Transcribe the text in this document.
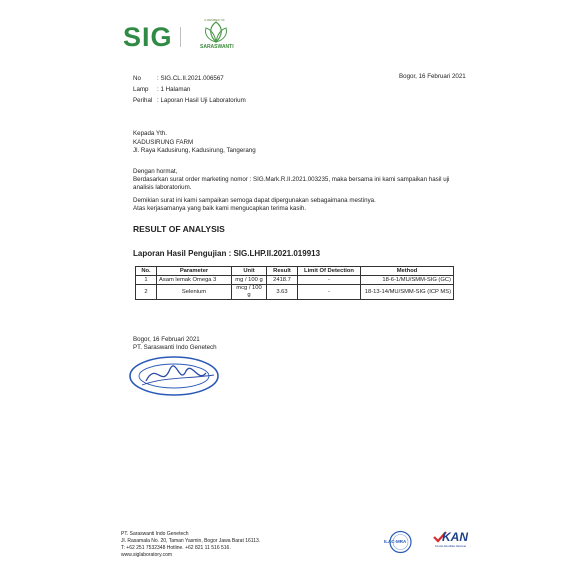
SIG
A MEMBER OF
SARASWANTI
Bogor, 16 Februari 2021
No	: SIG.CL.II.2021.006567
Lamp	: 1 Halaman
Perihal : Laporan Hasil Uji Laboratorium
Kepada Yth.
KADUSIRUNG FARM
Jl. Raya Kadusirung, Kadusirung, Tangerang
Dengan hormat,
Berdasarkan surat order marketing nomor : SIG.Mark.R.II.2021.003235, maka bersama ini kami sampaikan hasil uji
analisis laboratorium.
Demikian surat ini kami sampaikan semoga dapat dipergunakan sebagaimana mestinya.
Atas kerjasamanya yang baik kami mengucapkan terima kasih.
RESULT OF ANALYSIS
Laporan Hasil Pengujian : SIG.LHP.II.2021.019913
No.	Parameter	Unit	Result	Limit Of Detection	Method
1	Asam lemak Omega 3	mg / 100 g	2418.7	-	18-6-1/MU/SMM-SIG (GC)
2	Selenium	mcg / 100 g	3.63	-	18-13-14/MU/SMM-SIG (ICP MS)
Bogor, 16 Februari 2021
PT. Saraswanti Indo Genetech
PT. Saraswanti Indo Genetech
Jl. Rasamala No. 20, Taman Yasmin, Bogor Jawa Barat 16113.
T: +62 251 7532348 Hotline. +62 821 11 516 516.
www.siglaboratory.com
ILAC-MRA	KAN
Komite Akreditasi Nasional
